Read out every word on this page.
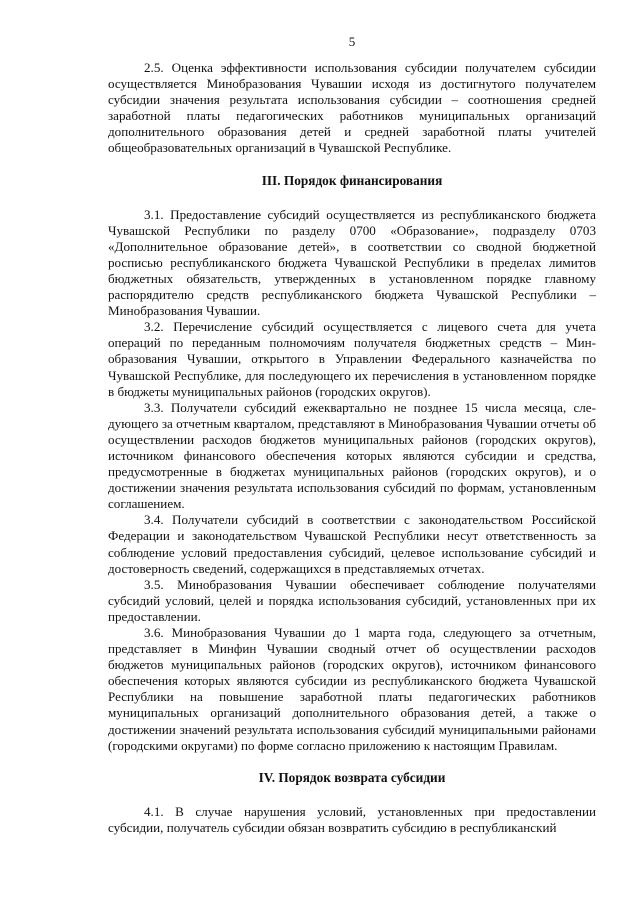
5

2.5. Оценка эффективности использования субсидии получателем субсидии осуществляется Минобразования Чувашии исходя из достигнутого получателем субсидии значения результата использования субсидии – соотношения средней заработной платы педагогических работников муниципальных организаций дополнительного образования детей и средней заработной платы учителей общеобразовательных организаций в Чувашской Республике.

III. Порядок финансирования

3.1. Предоставление субсидий осуществляется из республиканского бюджета Чувашской Республики по разделу 0700 «Образование», подразделу 0703 «Дополнительное образование детей», в соответствии со сводной бюджетной росписью республиканского бюджета Чувашской Республики в пределах лимитов бюджетных обязательств, утвержденных в установленном порядке главному распорядителю средств республиканского бюджета Чувашской Республики – Минобразования Чувашии.

3.2. Перечисление субсидий осуществляется с лицевого счета для учета операций по переданным полномочиям получателя бюджетных средств – Минобразования Чувашии, открытого в Управлении Федерального казначейства по Чувашской Республике, для последующего их перечисления в установленном порядке в бюджеты муниципальных районов (городских округов).

3.3. Получатели субсидий ежеквартально не позднее 15 числа месяца, следующего за отчетным кварталом, представляют в Минобразования Чувашии отчеты об осуществлении расходов бюджетов муниципальных районов (городских округов), источником финансового обеспечения которых являются субсидии и средства, предусмотренные в бюджетах муниципальных районов (городских округов), и о достижении значения результата использования субсидий по формам, установленным соглашением.

3.4. Получатели субсидий в соответствии с законодательством Российской Федерации и законодательством Чувашской Республики несут ответственность за соблюдение условий предоставления субсидий, целевое использование субсидий и достоверность сведений, содержащихся в представляемых отчетах.

3.5. Минобразования Чувашии обеспечивает соблюдение получателями субсидий условий, целей и порядка использования субсидий, установленных при их предоставлении.

3.6. Минобразования Чувашии до 1 марта года, следующего за отчетным, представляет в Минфин Чувашии сводный отчет об осуществлении расходов бюджетов муниципальных районов (городских округов), источником финансового обеспечения которых являются субсидии из республиканского бюджета Чувашской Республики на повышение заработной платы педагогических работников муниципальных организаций дополнительного образования детей, а также о достижении значений результата использования субсидий муниципальными районами (городскими округами) по форме согласно приложению к настоящим Правилам.

IV. Порядок возврата субсидии

4.1. В случае нарушения условий, установленных при предоставлении субсидии, получатель субсидии обязан возвратить субсидию в республиканский
